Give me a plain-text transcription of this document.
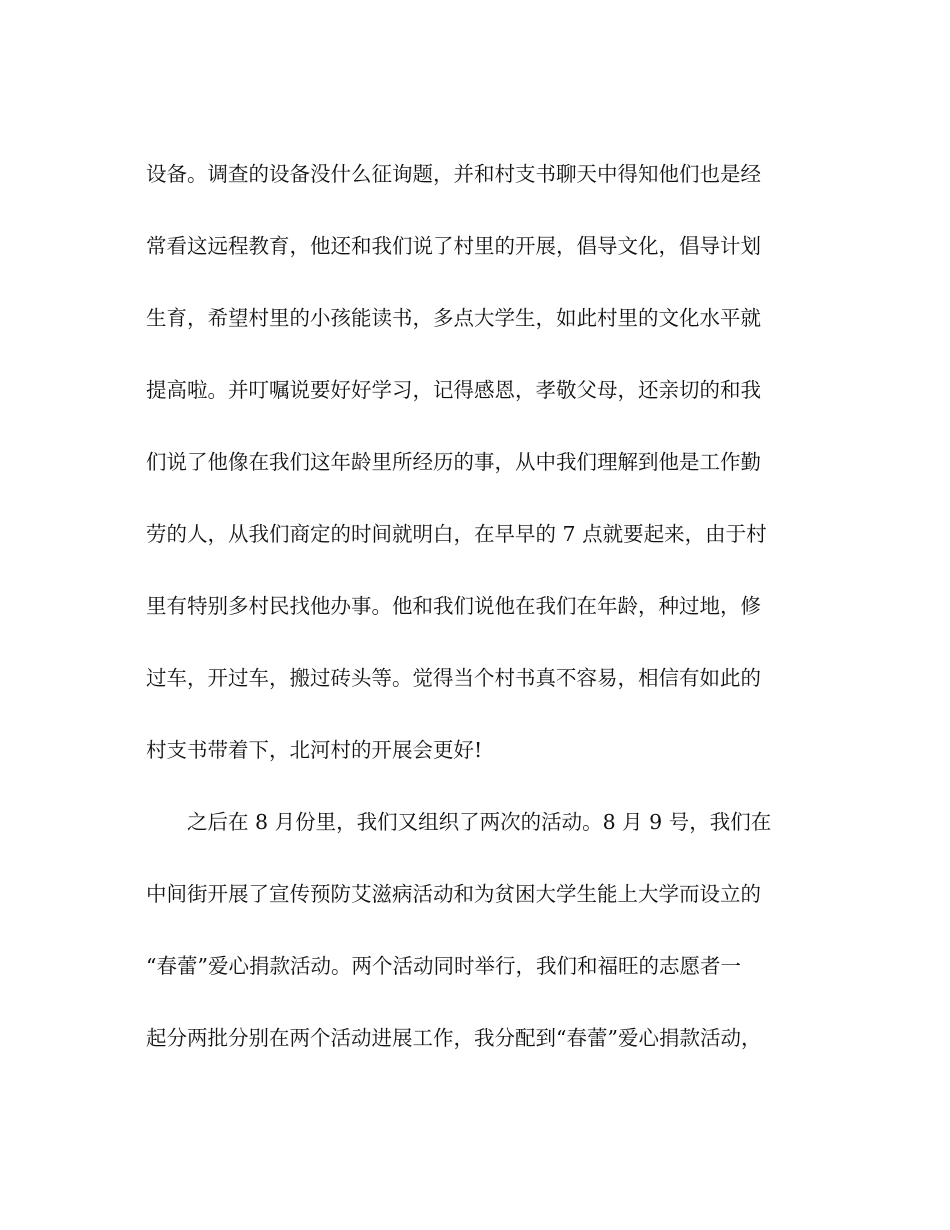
设备。调查的设备没什么征询题，并和村支书聊天中得知他们也是经
常看这远程教育，他还和我们说了村里的开展，倡导文化，倡导计划
生育，希望村里的小孩能读书，多点大学生，如此村里的文化水平就
提高啦。并叮嘱说要好好学习，记得感恩，孝敬父母，还亲切的和我
们说了他像在我们这年龄里所经历的事，从中我们理解到他是工作勤
劳的人，从我们商定的时间就明白，在早早的 7 点就要起来，由于村
里有特别多村民找他办事。他和我们说他在我们在年龄，种过地，修
过车，开过车，搬过砖头等。觉得当个村书真不容易，相信有如此的
村支书带着下，北河村的开展会更好!
　　之后在 8 月份里，我们又组织了两次的活动。8 月 9 号，我们在
中间街开展了宣传预防艾滋病活动和为贫困大学生能上大学而设立的
“春蕾”爱心捐款活动。两个活动同时举行，我们和福旺的志愿者一
起分两批分别在两个活动进展工作，我分配到“春蕾”爱心捐款活动，
